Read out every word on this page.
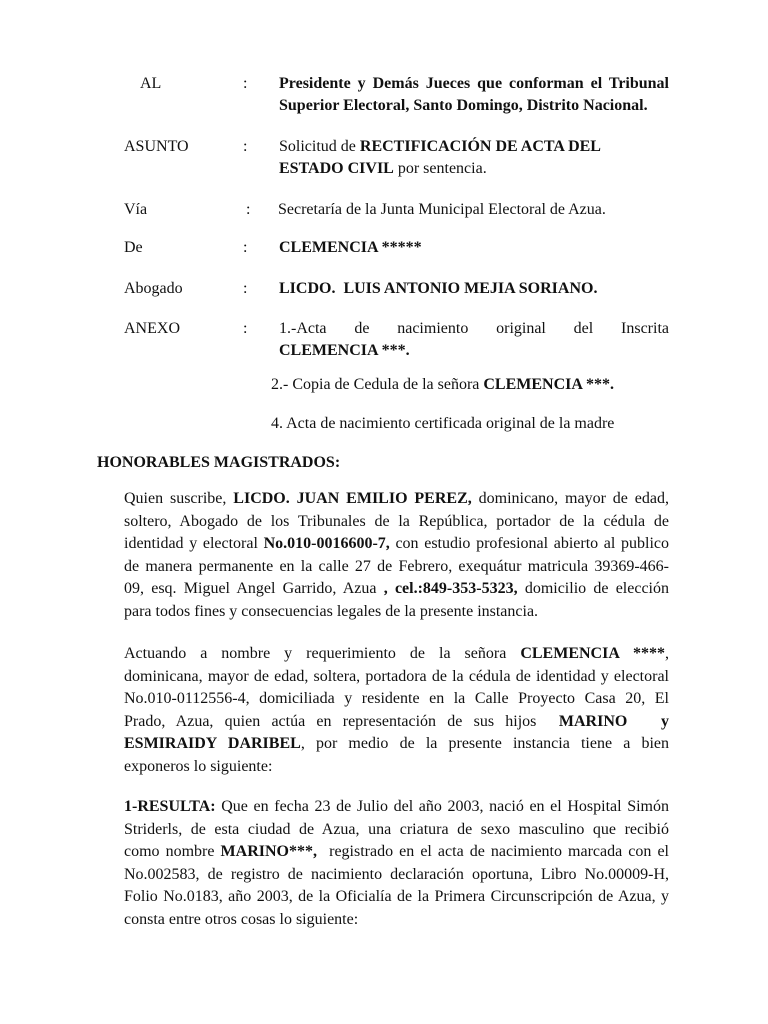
AL	: Presidente y Demás Jueces que conforman el Tribunal
Superior Electoral, Santo Domingo, Distrito Nacional.
ASUNTO	: Solicitud de RECTIFICACIÓN DE ACTA DEL
ESTADO CIVIL por sentencia.
Vía	: Secretaría de la Junta Municipal Electoral de Azua.
De	: CLEMENCIA *****
Abogado	: LICDO.  LUIS ANTONIO MEJIA SORIANO.
ANEXO	: 1.-Acta de nacimiento original del Inscrita
CLEMENCIA ***.
2.- Copia de Cedula de la señora CLEMENCIA ***.
4. Acta de nacimiento certificada original de la madre
HONORABLES MAGISTRADOS:
Quien suscribe, LICDO. JUAN EMILIO PEREZ, dominicano, mayor de edad,
soltero, Abogado de los Tribunales de la República, portador de la cédula de
identidad y electoral No.010-0016600-7, con estudio profesional abierto al publico
de manera permanente en la calle 27 de Febrero, exequátur matricula 39369-466-
09, esq. Miguel Angel Garrido, Azua , cel.:849-353-5323, domicilio de elección
para todos fines y consecuencias legales de la presente instancia.
Actuando a nombre y requerimiento de la señora CLEMENCIA ****,
dominicana, mayor de edad, soltera, portadora de la cédula de identidad y electoral
No.010-0112556-4, domiciliada y residente en la Calle Proyecto Casa 20, El
Prado, Azua, quien actúa en representación de sus hijos  MARINO   y
ESMIRAIDY DARIBEL, por medio de la presente instancia tiene a bien
exponeros lo siguiente:
1-RESULTA: Que en fecha 23 de Julio del año 2003, nació en el Hospital Simón
Striderls, de esta ciudad de Azua, una criatura de sexo masculino que recibió
como nombre MARINO***,  registrado en el acta de nacimiento marcada con el
No.002583, de registro de nacimiento declaración oportuna, Libro No.00009-H,
Folio No.0183, año 2003, de la Oficialía de la Primera Circunscripción de Azua, y
consta entre otros cosas lo siguiente:
